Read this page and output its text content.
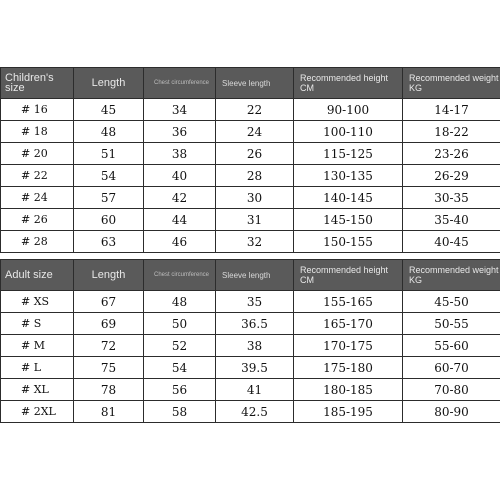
Children's size	Length	Chest circumference	Sleeve length	Recommended height CM	Recommended weight KG
# 16	45	34	22	90-100	14-17
# 18	48	36	24	100-110	18-22
# 20	51	38	26	115-125	23-26
# 22	54	40	28	130-135	26-29
# 24	57	42	30	140-145	30-35
# 26	60	44	31	145-150	35-40
# 28	63	46	32	150-155	40-45

Adult size	Length	Chest circumference	Sleeve length	Recommended height CM	Recommended weight KG
# XS	67	48	35	155-165	45-50
# S	69	50	36.5	165-170	50-55
# M	72	52	38	170-175	55-60
# L	75	54	39.5	175-180	60-70
# XL	78	56	41	180-185	70-80
# 2XL	81	58	42.5	185-195	80-90
